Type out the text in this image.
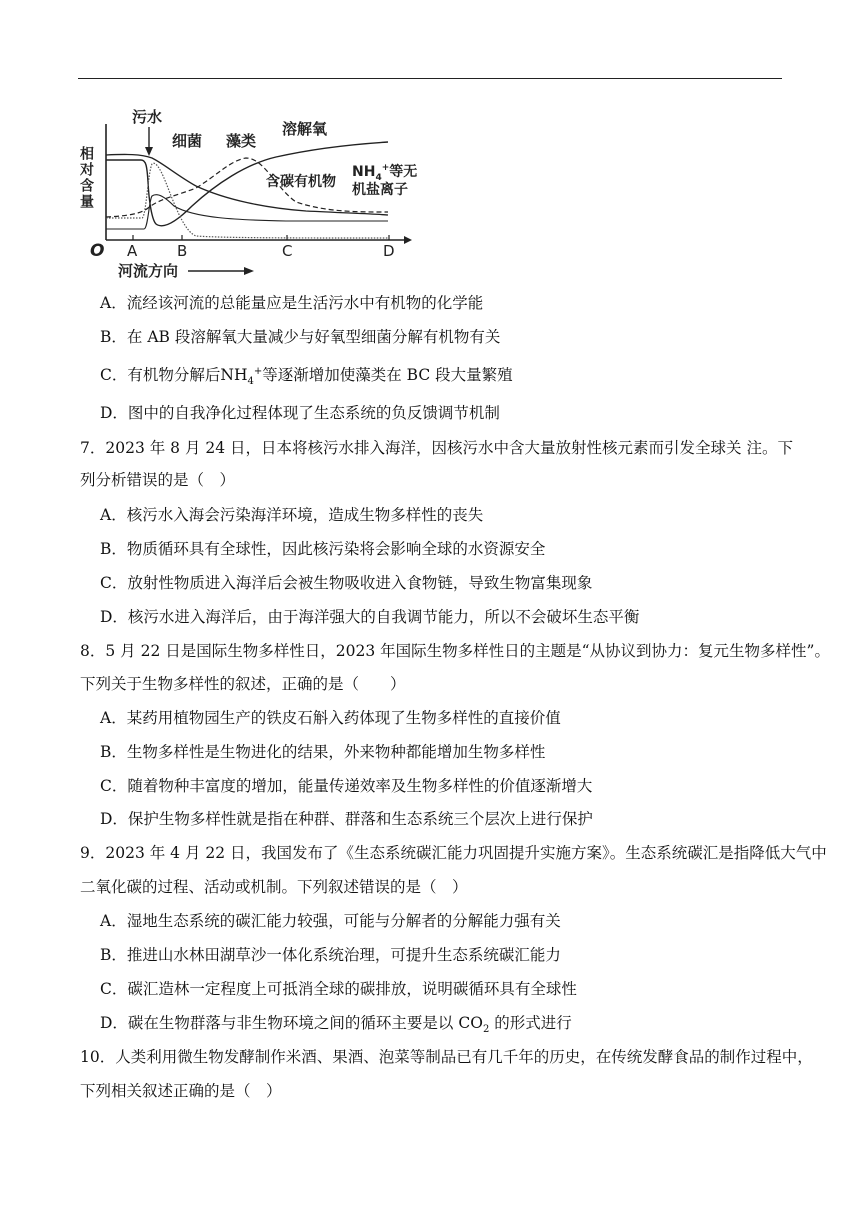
污水
细菌 藻类
溶解氧
含碳有机物
$NH_4^+$等无
机盐离子
相对含量
O A	B	C	D
河流方向
A．流经该河流的总能量应是生活污水中有机物的化学能
B．在 AB 段溶解氧大量减少与好氧型细菌分解有机物有关
C．有机物分解后$NH_4^+$等逐渐增加使藻类在 BC 段大量繁殖
D．图中的自我净化过程体现了生态系统的负反馈调节机制
7．2023 年 8 月 24 日，日本将核污水排入海洋，因核污水中含大量放射性核元素而引发全球关 注。下
列分析错误的是（　）
A．核污水入海会污染海洋环境，造成生物多样性的丧失
B．物质循环具有全球性，因此核污染将会影响全球的水资源安全
C．放射性物质进入海洋后会被生物吸收进入食物链，导致生物富集现象
D．核污水进入海洋后，由于海洋强大的自我调节能力，所以不会破坏生态平衡
8．5 月 22 日是国际生物多样性日，2023 年国际生物多样性日的主题是“从协议到协力：复元生物多样性”。
下列关于生物多样性的叙述，正确的是（　　）
A．某药用植物园生产的铁皮石斛入药体现了生物多样性的直接价值
B．生物多样性是生物进化的结果，外来物种都能增加生物多样性
C．随着物种丰富度的增加，能量传递效率及生物多样性的价值逐渐增大
D．保护生物多样性就是指在种群、群落和生态系统三个层次上进行保护
9．2023 年 4 月 22 日，我国发布了《生态系统碳汇能力巩固提升实施方案》。生态系统碳汇是指降低大气中
二氧化碳的过程、活动或机制。下列叙述错误的是（　）
A．湿地生态系统的碳汇能力较强，可能与分解者的分解能力强有关
B．推进山水林田湖草沙一体化系统治理，可提升生态系统碳汇能力
C．碳汇造林一定程度上可抵消全球的碳排放，说明碳循环具有全球性
D．碳在生物群落与非生物环境之间的循环主要是以 $CO_2$ 的形式进行
10．人类利用微生物发酵制作米酒、果酒、泡菜等制品已有几千年的历史，在传统发酵食品的制作过程中，
下列相关叙述正确的是（　）
